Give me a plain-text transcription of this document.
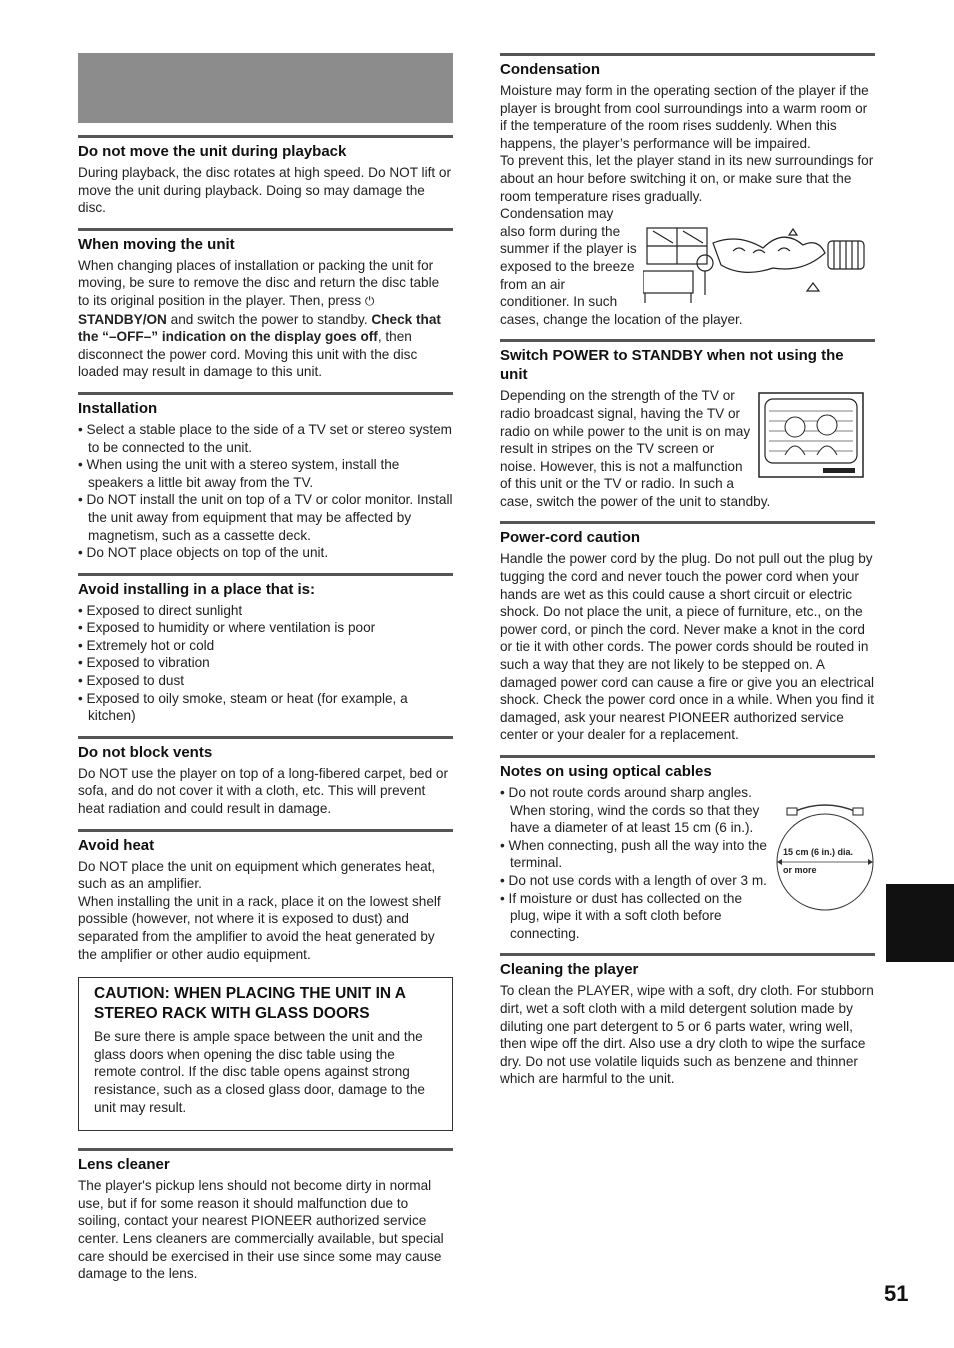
Do not move the unit during playback

During playback, the disc rotates at high speed. Do NOT lift or move the unit during playback. Doing so may damage the disc.

When moving the unit

When changing places of installation or packing the unit for moving, be sure to remove the disc and return the disc table to its original position in the player. Then, press ⏻ STANDBY/ON and switch the power to standby. Check that the “–OFF–” indication on the display goes off, then disconnect the power cord. Moving this unit with the disc loaded may result in damage to this unit.

Installation
• Select a stable place to the side of a TV set or stereo system to be connected to the unit.
• When using the unit with a stereo system, install the speakers a little bit away from the TV.
• Do NOT install the unit on top of a TV or color monitor. Install the unit away from equipment that may be affected by magnetism, such as a cassette deck.
• Do NOT place objects on top of the unit.
Avoid installing in a place that is:
• Exposed to direct sunlight
• Exposed to humidity or where ventilation is poor
• Extremely hot or cold
• Exposed to vibration
• Exposed to dust
• Exposed to oily smoke, steam or heat (for example, a kitchen)
Do not block vents

Do NOT use the player on top of a long-fibered carpet, bed or sofa, and do not cover it with a cloth, etc. This will prevent heat radiation and could result in damage.

Avoid heat

Do NOT place the unit on equipment which generates heat, such as an amplifier.

When installing the unit in a rack, place it on the lowest shelf possible (however, not where it is exposed to dust) and separated from the amplifier to avoid the heat generated by the amplifier or other audio equipment.

CAUTION: WHEN PLACING THE UNIT IN A STEREO RACK WITH GLASS DOORS

Be sure there is ample space between the unit and the glass doors when opening the disc table using the remote control. If the disc table opens against strong resistance, such as a closed glass door, damage to the unit may result.

Lens cleaner

The player's pickup lens should not become dirty in normal use, but if for some reason it should malfunction due to soiling, contact your nearest PIONEER authorized service center. Lens cleaners are commercially available, but special care should be exercised in their use since some may cause damage to the lens.

Condensation

Moisture may form in the operating section of the player if the player is brought from cool surroundings into a warm room or if the temperature of the room rises suddenly. When this happens, the player’s performance will be impaired.

To prevent this, let the player stand in its new surroundings for about an hour before switching it on, or make sure that the room temperature rises gradually.

Condensation may also form during the summer if the player is exposed to the breeze from an air conditioner. In such cases, change the location of the player.

Switch POWER to STANDBY when not using the unit

Depending on the strength of the TV or radio broadcast signal, having the TV or radio on while power to the unit is on may result in stripes on the TV screen or noise. However, this is not a malfunction of this unit or the TV or radio. In such a case, switch the power of the unit to standby.

Power-cord caution

Handle the power cord by the plug. Do not pull out the plug by tugging the cord and never touch the power cord when your hands are wet as this could cause a short circuit or electric shock. Do not place the unit, a piece of furniture, etc., on the power cord, or pinch the cord. Never make a knot in the cord or tie it with other cords. The power cords should be routed in such a way that they are not likely to be stepped on. A damaged power cord can cause a fire or give you an electrical shock. Check the power cord once in a while. When you find it damaged, ask your nearest PIONEER authorized service center or your dealer for a replacement.

Notes on using optical cables
15 cm (6 in.) dia.
or more
• Do not route cords around sharp angles. When storing, wind the cords so that they have a diameter of at least 15 cm (6 in.).
• When connecting, push all the way into the terminal.
• Do not use cords with a length of over 3 m.
• If moisture or dust has collected on the plug, wipe it with a soft cloth before connecting.
Cleaning the player

To clean the PLAYER, wipe with a soft, dry cloth. For stubborn dirt, wet a soft cloth with a mild detergent solution made by diluting one part detergent to 5 or 6 parts water, wring well, then wipe off the dirt. Also use a dry cloth to wipe the surface dry. Do not use volatile liquids such as benzene and thinner which are harmful to the unit.

51
